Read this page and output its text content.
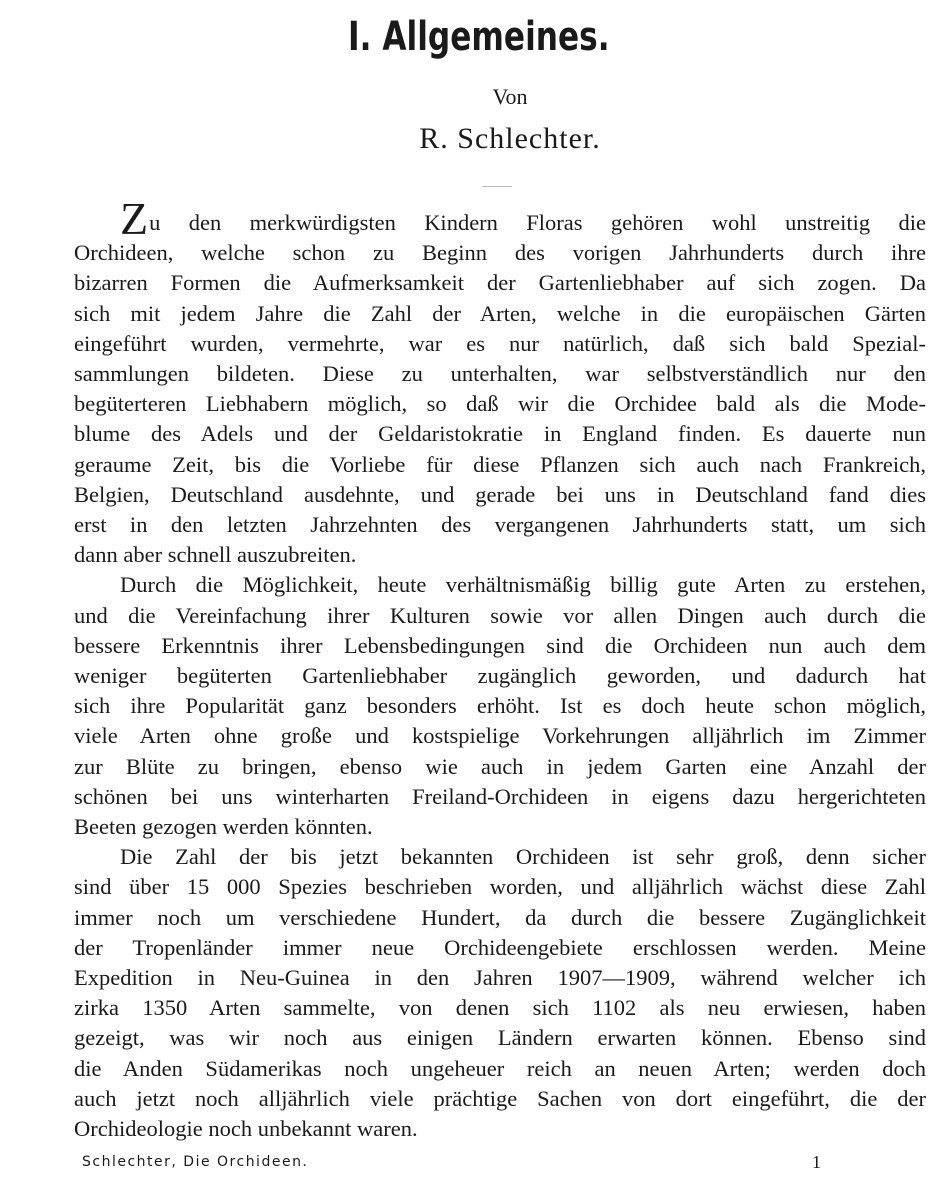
I. Allgemeines.
Von
R. Schlechter.
Zu den merkwürdigsten Kindern Floras gehören wohl unstreitig die
Orchideen, welche schon zu Beginn des vorigen Jahrhunderts durch ihre
bizarren Formen die Aufmerksamkeit der Gartenliebhaber auf sich zogen. Da
sich mit jedem Jahre die Zahl der Arten, welche in die europäischen Gärten
eingeführt wurden, vermehrte, war es nur natürlich, daß sich bald Spezial-
sammlungen bildeten. Diese zu unterhalten, war selbstverständlich nur den
begüterteren Liebhabern möglich, so daß wir die Orchidee bald als die Mode-
blume des Adels und der Geldaristokratie in England finden. Es dauerte nun
geraume Zeit, bis die Vorliebe für diese Pflanzen sich auch nach Frankreich,
Belgien, Deutschland ausdehnte, und gerade bei uns in Deutschland fand dies
erst in den letzten Jahrzehnten des vergangenen Jahrhunderts statt, um sich
dann aber schnell auszubreiten.
Durch die Möglichkeit, heute verhältnismäßig billig gute Arten zu erstehen,
und die Vereinfachung ihrer Kulturen sowie vor allen Dingen auch durch die
bessere Erkenntnis ihrer Lebensbedingungen sind die Orchideen nun auch dem
weniger begüterten Gartenliebhaber zugänglich geworden, und dadurch hat
sich ihre Popularität ganz besonders erhöht. Ist es doch heute schon möglich,
viele Arten ohne große und kostspielige Vorkehrungen alljährlich im Zimmer
zur Blüte zu bringen, ebenso wie auch in jedem Garten eine Anzahl der
schönen bei uns winterharten Freiland-Orchideen in eigens dazu hergerichteten
Beeten gezogen werden könnten.
Die Zahl der bis jetzt bekannten Orchideen ist sehr groß, denn sicher
sind über 15 000 Spezies beschrieben worden, und alljährlich wächst diese Zahl
immer noch um verschiedene Hundert, da durch die bessere Zugänglichkeit
der Tropenländer immer neue Orchideengebiete erschlossen werden. Meine
Expedition in Neu-Guinea in den Jahren 1907—1909, während welcher ich
zirka 1350 Arten sammelte, von denen sich 1102 als neu erwiesen, haben
gezeigt, was wir noch aus einigen Ländern erwarten können. Ebenso sind
die Anden Südamerikas noch ungeheuer reich an neuen Arten; werden doch
auch jetzt noch alljährlich viele prächtige Sachen von dort eingeführt, die der
Orchideologie noch unbekannt waren.
Schlechter, Die Orchideen.	1
